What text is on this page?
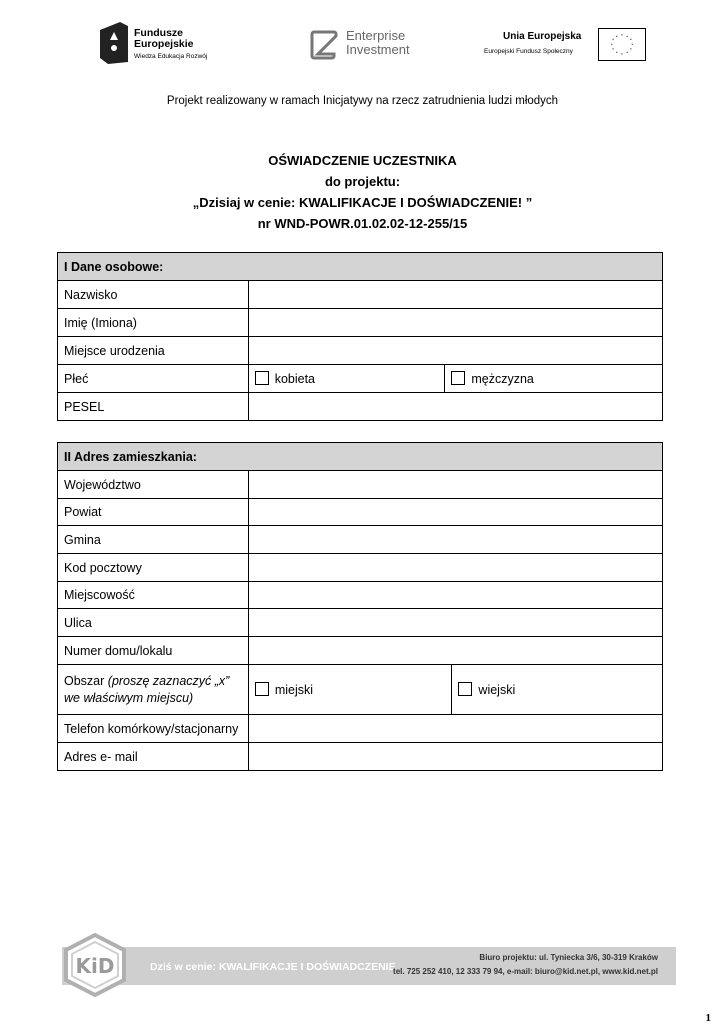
Fundusze
Europejskie
Wiedza Edukacja Rozwój
Enterprise
Investment
Unia Europejska
Europejski Fundusz Społeczny
* *
*
*
*
*
*
*
*
*
*
*
Projekt realizowany w ramach Inicjatywy na rzecz zatrudnienia ludzi młodych
OŚWIADCZENIE UCZESTNIKA
do projektu:
„Dzisiaj w cenie: KWALIFIKACJE I DOŚWIADCZENIE! ”
nr WND-POWR.01.02.02-12-255/15
I Dane osobowe:		
Nazwisko		
Imię (Imiona)		
Miejsce urodzenia		
Płeć	kobieta	mężczyzna
PESEL		
II Adres zamieszkania:		
Województwo		
Powiat		
Gmina		
Kod pocztowy		
Miejscowość		
Ulica		
Numer domu/lokalu		
Obszar (proszę zaznaczyć „x” we właściwym miejscu)	miejski	wiejski
Telefon komórkowy/stacjonarny		
Adres e- mail		
KiD	Dziś w cenie: KWALIFIKACJE I DOŚWIADCZENIE
Biuro projektu: ul. Tyniecka 3/6, 30-319 Kraków
tel. 725 252 410, 12 333 79 94, e-mail: biuro@kid.net.pl, www.kid.net.pl
1
